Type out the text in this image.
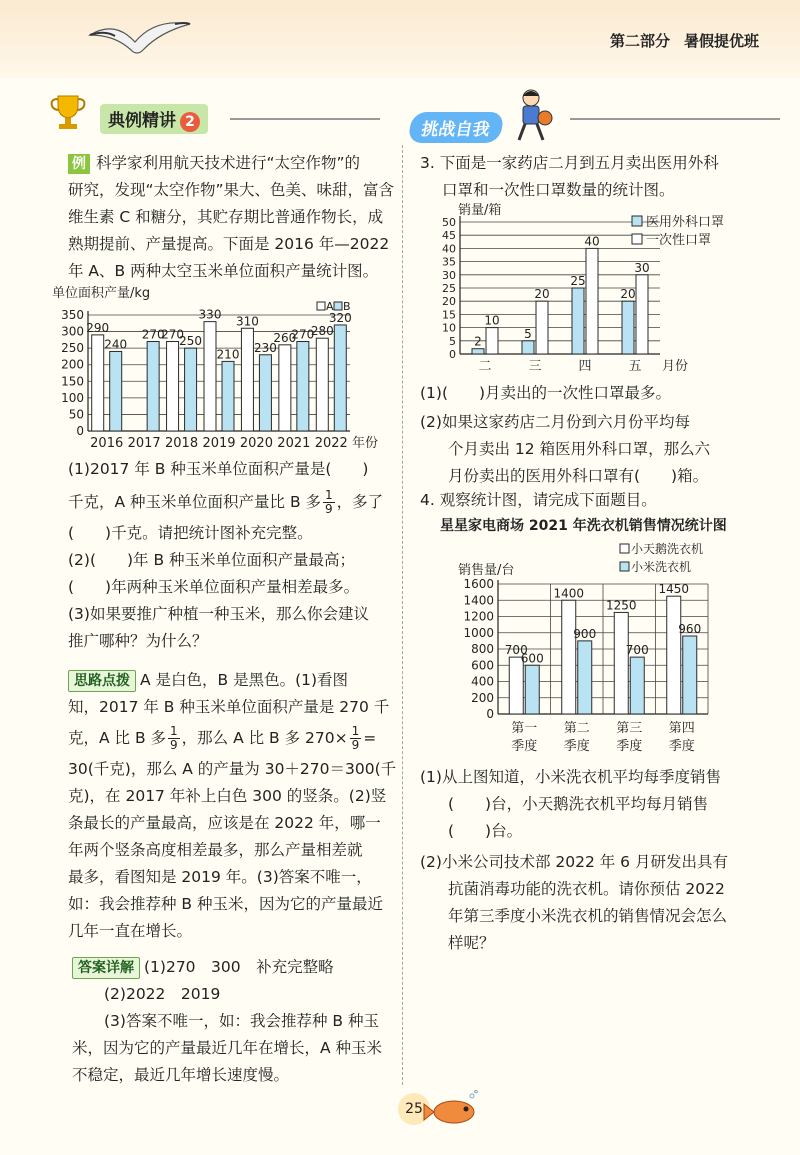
第二部分 暑假提优班
典例精讲 2	挑战自我
例 科学家利用航天技术进行“太空作物”的
研究，发现“太空作物”果大、色美、味甜，富含
维生素 C 和糖分，其贮存期比普通作物长，成
熟期提前、产量提高。下面是 2016 年—2022
年 A、B 两种太空玉米单位面积产量统计图。
0
50
100
150
200
250
300
350
单位面积产量/kg
2016
290
240
2017
270
2018
270
250
2019
330
210
2020
310
230
2021
260
270
2022
280
320
年份
A B
(1)2017 年 B 种玉米单位面积产量是(　　)
千克，A 种玉米单位面积产量比 B 多 $\frac{1}{9}$ ，多了
(　　)千克。请把统计图补充完整。
(2)(　　)年 B 种玉米单位面积产量最高；
(　　)年两种玉米单位面积产量相差最多。
(3)如果要推广种植一种玉米，那么你会建议
推广哪种？为什么？
思路点拨 A 是白色，B 是黑色。(1)看图
知，2017 年 B 种玉米单位面积产量是 270 千
克，A 比 B 多 $\frac{1}{9}$ ，那么 A 比 B 多 $270\times \frac{1}{9}$ =
30(千克)，那么 A 的产量为 30＋270＝300(千
克)，在 2017 年补上白色 300 的竖条。(2)竖
条最长的产量最高，应该是在 2022 年，哪一
年两个竖条高度相差最多，那么产量相差就
最多，看图知是 2019 年。(3)答案不唯一，
如：我会推荐种 B 种玉米，因为它的产量最近
几年一直在增长。
答案详解 (1)270　300　补充完整略
(2)2022　2019
(3)答案不唯一，如：我会推荐种 B 种玉
米，因为它的产量最近几年在增长，A 种玉米
不稳定，最近几年增长速度慢。
3. 下面是一家药店二月到五月卖出医用外科
口罩和一次性口罩数量的统计图。
0
5
10
15
20
25
30
35
40
45
50
销量/箱
二
2
10
三
5
20
四
25
40
五
20
30
月份
医用外科口罩
一次性口罩
(1)(　　)月卖出的一次性口罩最多。
(2)如果这家药店二月份到六月份平均每
个月卖出 12 箱医用外科口罩，那么六
月份卖出的医用外科口罩有(　　)箱。
4. 观察统计图，请完成下面题目。
星星家电商场 2021 年洗衣机销售情况统计图
小天鹅洗衣机
小米洗衣机
0
200
400
600
800
1000
1200
1400
1600
销售量/台
第一
季度
700
600
第二
季度
1400
900
第三
季度
1250
700
第四
季度
1450
960
(1)从上图知道，小米洗衣机平均每季度销售
(　　)台，小天鹅洗衣机平均每月销售
(　　)台。
(2)小米公司技术部 2022 年 6 月研发出具有
抗菌消毒功能的洗衣机。请你预估 2022
年第三季度小米洗衣机的销售情况会怎么
样呢？
25
